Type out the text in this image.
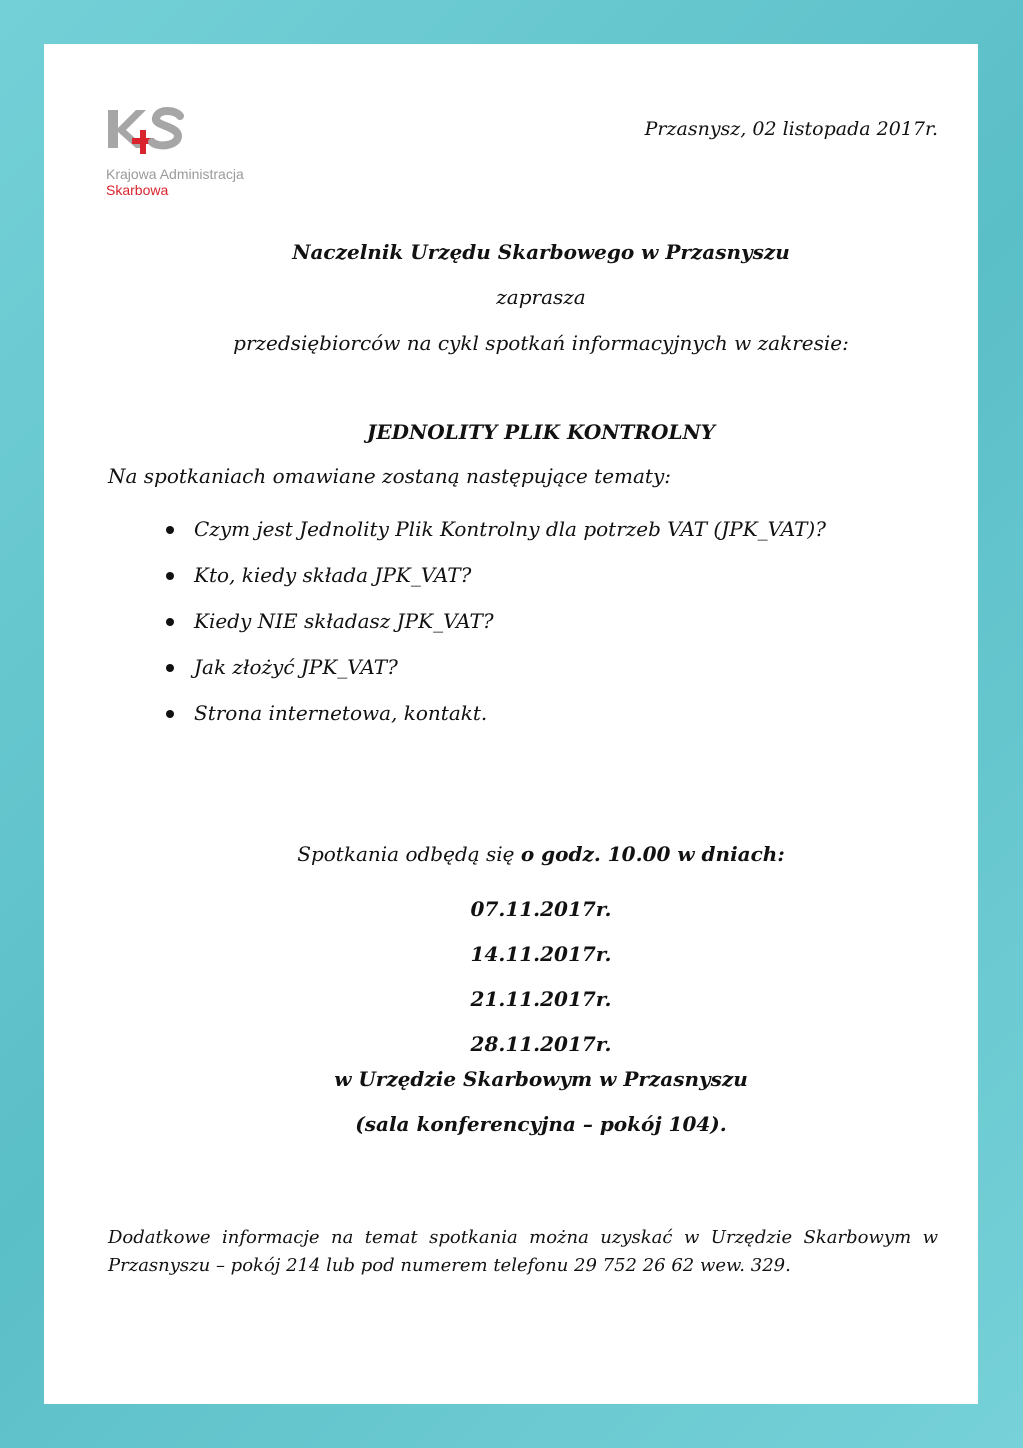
Krajowa Administracja
Skarbowa
Przasnysz, 02 listopada 2017r.
Naczelnik Urzędu Skarbowego w Przasnyszu
zaprasza
przedsiębiorców na cykl spotkań informacyjnych w zakresie:
JEDNOLITY PLIK KONTROLNY
Na spotkaniach omawiane zostaną następujące tematy:
Czym jest Jednolity Plik Kontrolny dla potrzeb VAT (JPK_VAT)?
Kto, kiedy składa JPK_VAT?
Kiedy NIE składasz JPK_VAT?
Jak złożyć JPK_VAT?
Strona internetowa, kontakt.
Spotkania odbędą się o godz. 10.00 w dniach:
07.11.2017r.
14.11.2017r.
21.11.2017r.
28.11.2017r.
w Urzędzie Skarbowym w Przasnyszu
(sala konferencyjna – pokój 104).
Dodatkowe informacje na temat spotkania można uzyskać w Urzędzie Skarbowym w Przasnyszu – pokój 214 lub pod numerem telefonu 29 752 26 62 wew. 329.
